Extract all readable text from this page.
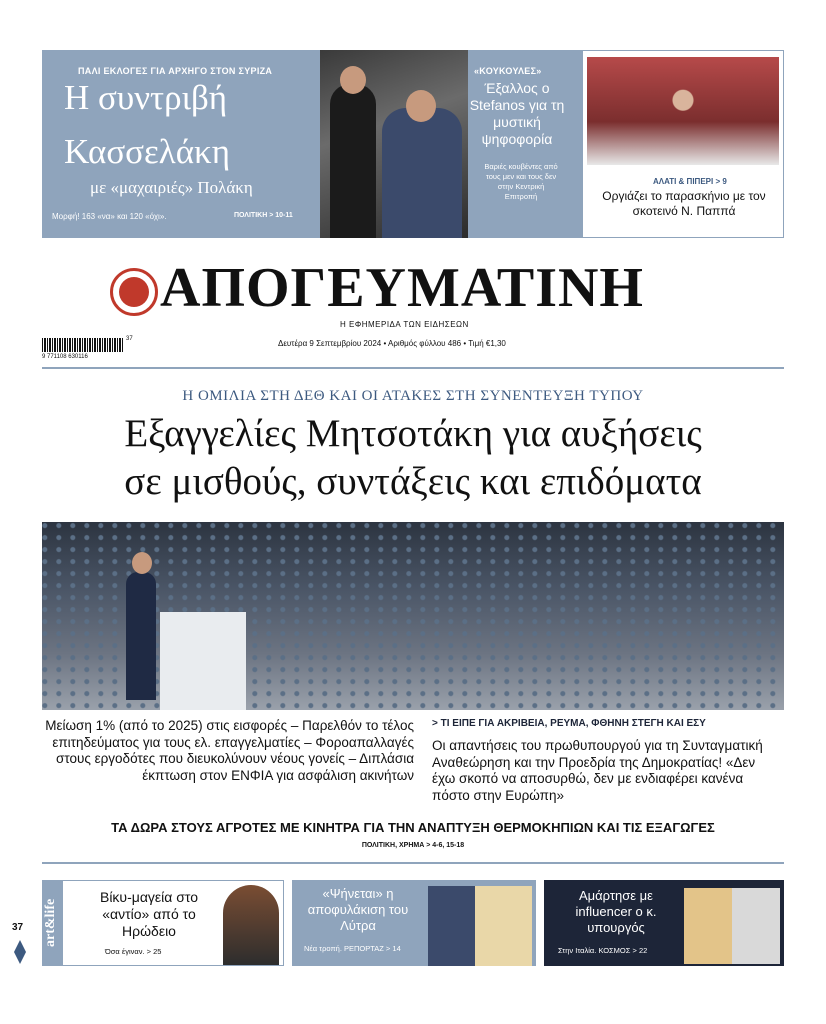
ΠΑΛΙ ΕΚΛΟΓΕΣ ΓΙΑ ΑΡΧΗΓΟ ΣΤΟΝ ΣΥΡΙΖΑ
Η συντριβή
Κασσελάκη
με «μαχαιριές» Πολάκη
Μορφή! 163 «να» και 120 «όχι».	ΠΟΛΙΤΙΚΗ > 10-11
«ΚΟΥΚΟΥΛΕΣ»
Έξαλλος ο Stefanos για τη μυστική ψηφοφορία
Βαριές κουβέντες από τους μεν και τους δεν στην Κεντρική Επιτροπή
ΑΛΑΤΙ & ΠΙΠΕΡΙ > 9
Οργιάζει το παρασκήνιο με τον σκοτεινό Ν. Παππά
ΑΠΟΓΕΥΜΑΤΙΝΗ
Η ΕΦΗΜΕΡΙΔΑ ΤΩΝ ΕΙΔΗΣΕΩΝ
Δευτέρα 9 Σεπτεμβρίου 2024 • Αριθμός φύλλου 486 • Τιμή €1,30
9 771108 630116
37
Η ΟΜΙΛΙΑ ΣΤΗ ΔΕΘ ΚΑΙ ΟΙ ΑΤΑΚΕΣ ΣΤΗ ΣΥΝΕΝΤΕΥΞΗ ΤΥΠΟΥ
Εξαγγελίες Μητσοτάκη για αυξήσεις
σε μισθούς, συντάξεις και επιδόματα
Μείωση 1% (από το 2025) στις εισφορές – Παρελθόν το τέλος επιτηδεύματος για τους ελ. επαγγελματίες – Φοροαπαλλαγές στους εργοδότες που διευκολύνουν νέους γονείς – Διπλάσια έκπτωση στον ΕΝΦΙΑ για ασφάλιση ακινήτων
> ΤΙ ΕΙΠΕ ΓΙΑ ΑΚΡΙΒΕΙΑ, ΡΕΥΜΑ, ΦΘΗΝΗ ΣΤΕΓΗ ΚΑΙ ΕΣΥ
Οι απαντήσεις του πρωθυπουργού για τη Συνταγματική Αναθεώρηση και την Προεδρία της Δημοκρατίας! «Δεν έχω σκοπό να αποσυρθώ, δεν με ενδιαφέρει κανένα πόστο στην Ευρώπη»
ΤΑ ΔΩΡΑ ΣΤΟΥΣ ΑΓΡΟΤΕΣ ΜΕ ΚΙΝΗΤΡΑ ΓΙΑ ΤΗΝ ΑΝΑΠΤΥΞΗ ΘΕΡΜΟΚΗΠΙΩΝ ΚΑΙ ΤΙΣ ΕΞΑΓΩΓΕΣ
ΠΟΛΙΤΙΚΗ, ΧΡΗΜΑ > 4-6, 15-18
37 art&life
Βίκυ-μαγεία στο «αντίο» από το Ηρώδειο
Όσα έγιναν. > 25
«Ψήνεται» η αποφυλάκιση του Λύτρα
Νέα τροπή. ΡΕΠΟΡΤΑΖ > 14
Αμάρτησε με influencer ο κ. υπουργός
Στην Ιταλία. ΚΟΣΜΟΣ > 22
